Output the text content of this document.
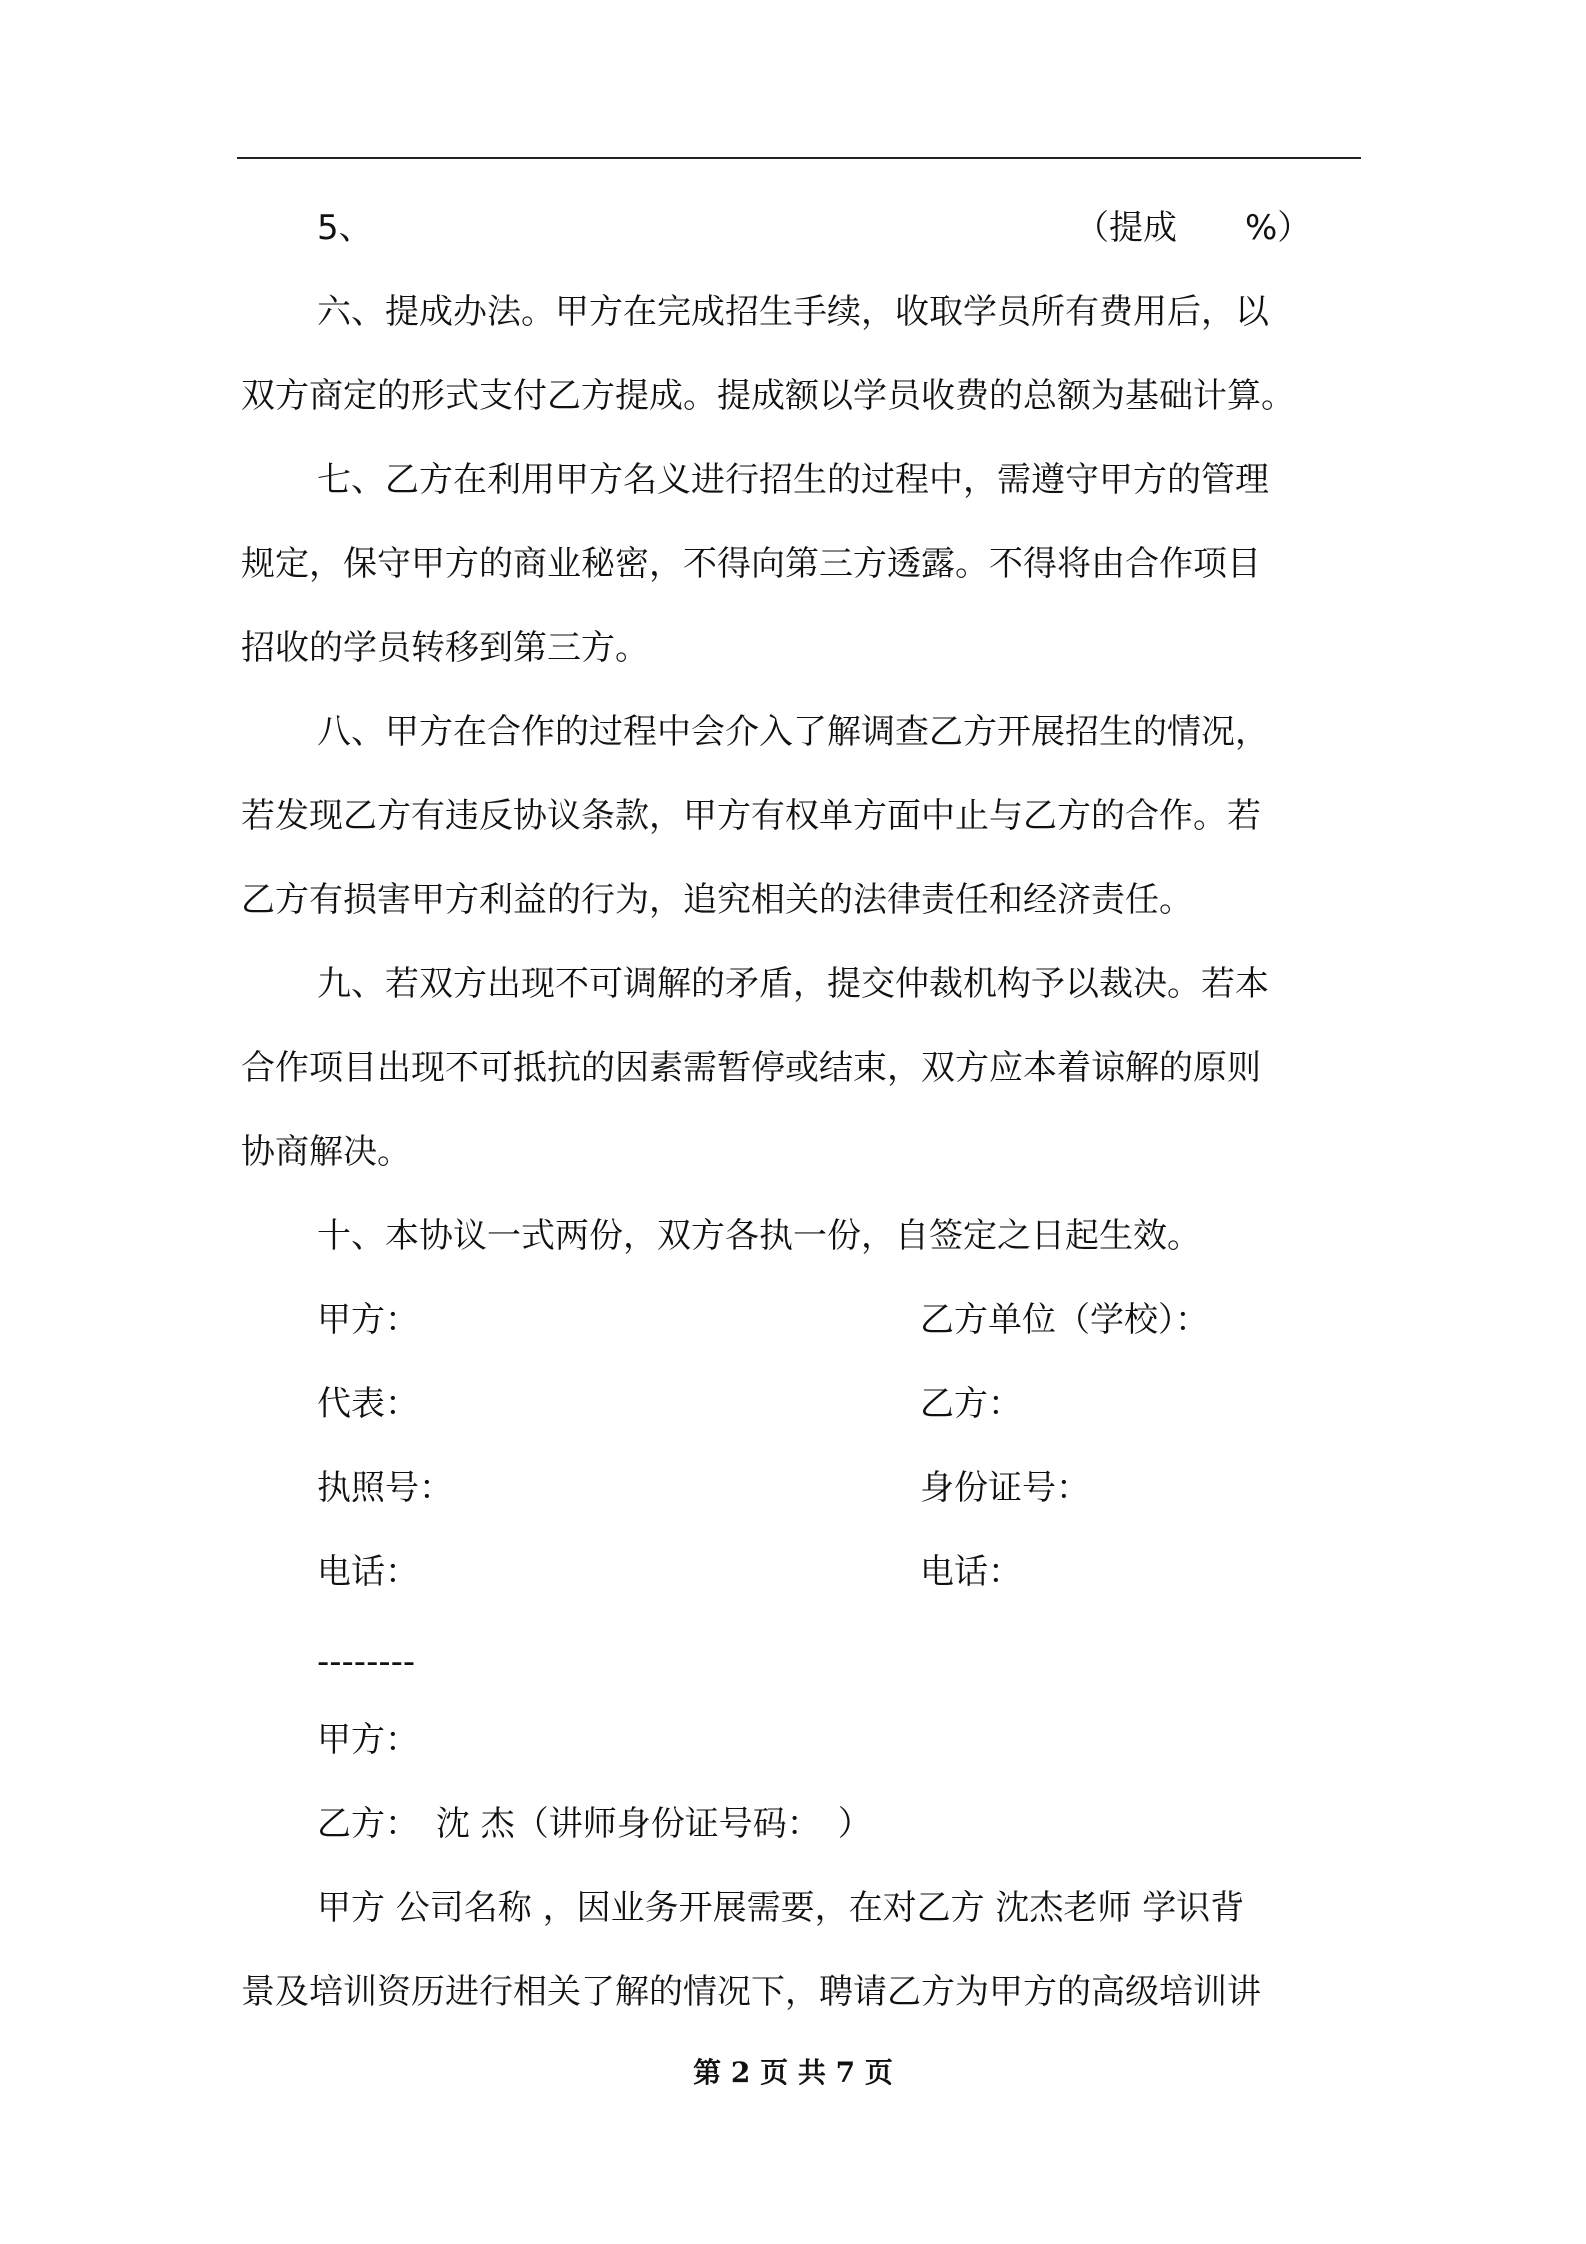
5、	（提成　　%）
六、提成办法。甲方在完成招生手续，收取学员所有费用后，以
双方商定的形式支付乙方提成。提成额以学员收费的总额为基础计算。
七、乙方在利用甲方名义进行招生的过程中，需遵守甲方的管理
规定，保守甲方的商业秘密，不得向第三方透露。不得将由合作项目
招收的学员转移到第三方。
八、甲方在合作的过程中会介入了解调查乙方开展招生的情况，
若发现乙方有违反协议条款，甲方有权单方面中止与乙方的合作。若
乙方有损害甲方利益的行为，追究相关的法律责任和经济责任。
九、若双方出现不可调解的矛盾，提交仲裁机构予以裁决。若本
合作项目出现不可抵抗的因素需暂停或结束，双方应本着谅解的原则
协商解决。
十、本协议一式两份，双方各执一份，自签定之日起生效。
甲方：	乙方单位（学校）：
代表：	乙方：
执照号：	身份证号：
电话：	电话：
--------
甲方：
乙方：　沈 杰（讲师身份证号码：　）
甲方 公司名称 ，因业务开展需要，在对乙方 沈杰老师 学识背
景及培训资历进行相关了解的情况下，聘请乙方为甲方的高级培训讲
第 2 页 共 7 页
